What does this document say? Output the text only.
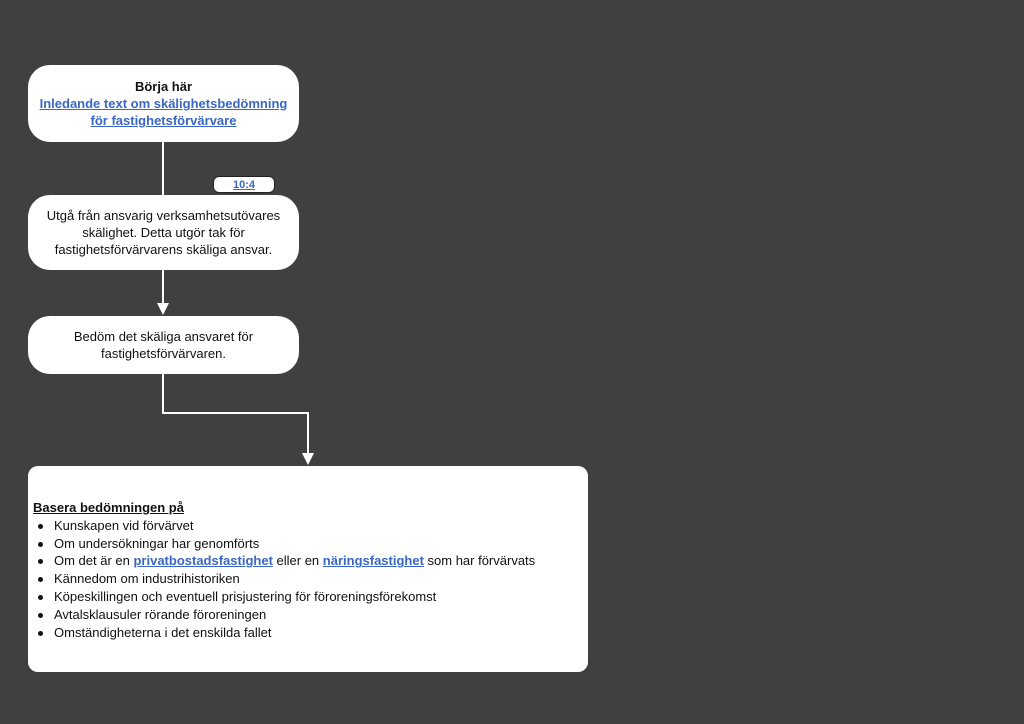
Börja här
Inledande text om skälighetsbedömning
för fastighetsförvärvare
10:4
Utgå från ansvarig verksamhetsutövares
skälighet. Detta utgör tak för
fastighetsförvärvarens skäliga ansvar.
Bedöm det skäliga ansvaret för
fastighetsförvärvaren.
Basera bedömningen på
Kunskapen vid förvärvet
Om undersökningar har genomförts
Om det är en privatbostadsfastighet eller en näringsfastighet som har förvärvats
Kännedom om industrihistoriken
Köpeskillingen och eventuell prisjustering för föroreningsförekomst
Avtalsklausuler rörande föroreningen
Omständigheterna i det enskilda fallet
